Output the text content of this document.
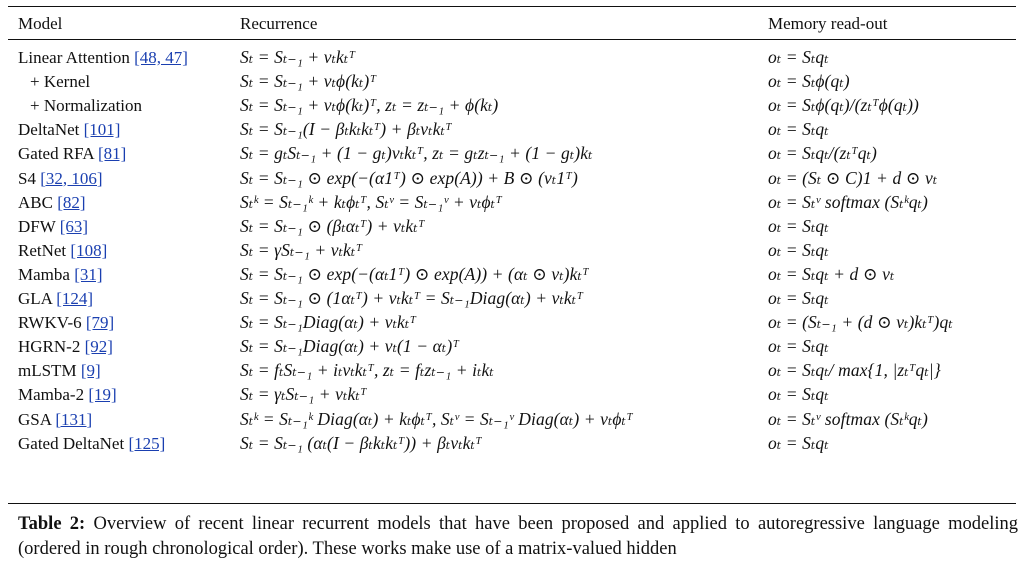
Model	Recurrence	Memory read-out
Linear Attention [48, 47]	Sₜ = Sₜ₋₁ + vₜkₜᵀ	oₜ = Sₜqₜ
+ Kernel	Sₜ = Sₜ₋₁ + vₜϕ(kₜ)ᵀ	oₜ = Sₜϕ(qₜ)
+ Normalization	Sₜ = Sₜ₋₁ + vₜϕ(kₜ)ᵀ, zₜ = zₜ₋₁ + ϕ(kₜ)	oₜ = Sₜϕ(qₜ)/(zₜᵀϕ(qₜ))
DeltaNet [101]	Sₜ = Sₜ₋₁(I − βₜkₜkₜᵀ) + βₜvₜkₜᵀ	oₜ = Sₜqₜ
Gated RFA [81]	Sₜ = gₜSₜ₋₁ + (1 − gₜ)vₜkₜᵀ, zₜ = gₜzₜ₋₁ + (1 − gₜ)kₜ	oₜ = Sₜqₜ/(zₜᵀqₜ)
S4 [32, 106]	Sₜ = Sₜ₋₁ ⊙ exp(−(α1ᵀ) ⊙ exp(A)) + B ⊙ (vₜ1ᵀ)	oₜ = (Sₜ ⊙ C)1 + d ⊙ vₜ
ABC [82]	Sₜᵏ = Sₜ₋₁ᵏ + kₜϕₜᵀ, Sₜᵛ = Sₜ₋₁ᵛ + vₜϕₜᵀ	oₜ = Sₜᵛ softmax (Sₜᵏqₜ)
DFW [63]	Sₜ = Sₜ₋₁ ⊙ (βₜαₜᵀ) + vₜkₜᵀ	oₜ = Sₜqₜ
RetNet [108]	Sₜ = γSₜ₋₁ + vₜkₜᵀ	oₜ = Sₜqₜ
Mamba [31]	Sₜ = Sₜ₋₁ ⊙ exp(−(αₜ1ᵀ) ⊙ exp(A)) + (αₜ ⊙ vₜ)kₜᵀ	oₜ = Sₜqₜ + d ⊙ vₜ
GLA [124]	Sₜ = Sₜ₋₁ ⊙ (1αₜᵀ) + vₜkₜᵀ = Sₜ₋₁Diag(αₜ) + vₜkₜᵀ	oₜ = Sₜqₜ
RWKV-6 [79]	Sₜ = Sₜ₋₁Diag(αₜ) + vₜkₜᵀ	oₜ = (Sₜ₋₁ + (d ⊙ vₜ)kₜᵀ)qₜ
HGRN-2 [92]	Sₜ = Sₜ₋₁Diag(αₜ) + vₜ(1 − αₜ)ᵀ	oₜ = Sₜqₜ
mLSTM [9]	Sₜ = fₜSₜ₋₁ + iₜvₜkₜᵀ, zₜ = fₜzₜ₋₁ + iₜkₜ	oₜ = Sₜqₜ/ max{1, |zₜᵀqₜ|}
Mamba-2 [19]	Sₜ = γₜSₜ₋₁ + vₜkₜᵀ	oₜ = Sₜqₜ
GSA [131]	Sₜᵏ = Sₜ₋₁ᵏ Diag(αₜ) + kₜϕₜᵀ, Sₜᵛ = Sₜ₋₁ᵛ Diag(αₜ) + vₜϕₜᵀ	oₜ = Sₜᵛ softmax (Sₜᵏqₜ)
Gated DeltaNet [125]	Sₜ = Sₜ₋₁ (αₜ(I − βₜkₜkₜᵀ)) + βₜvₜkₜᵀ	oₜ = Sₜqₜ
Table 2: Overview of recent linear recurrent models that have been proposed and applied to autoregressive language modeling (ordered in rough chronological order). These works make use of a matrix-valued hidden
